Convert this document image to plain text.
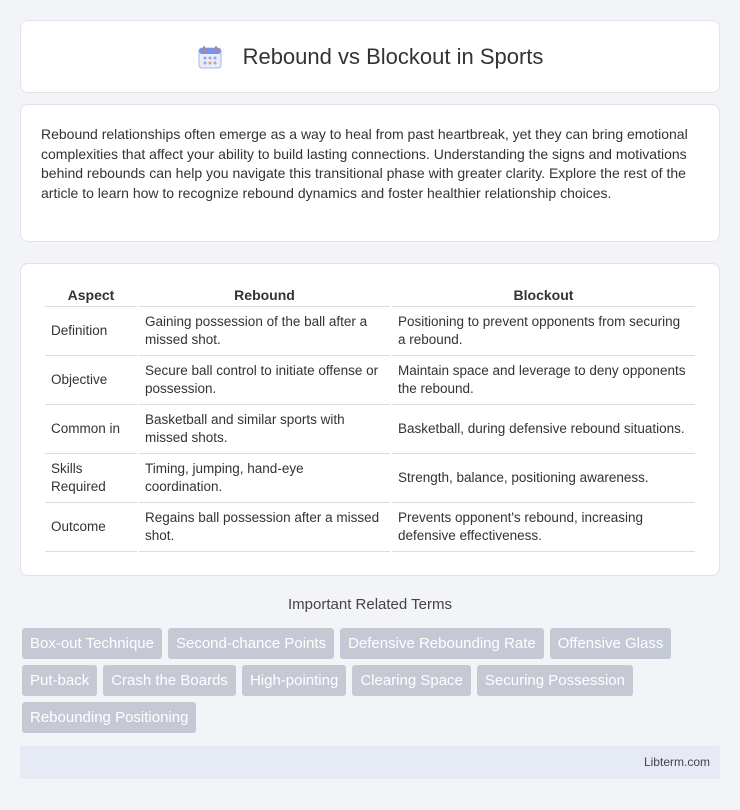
Rebound vs Blockout in Sports

Rebound relationships often emerge as a way to heal from past heartbreak, yet they can bring emotional complexities that affect your ability to build lasting connections. Understanding the signs and motivations behind rebounds can help you navigate this transitional phase with greater clarity. Explore the rest of the article to learn how to recognize rebound dynamics and foster healthier relationship choices.

Aspect	Rebound	Blockout
Definition	Gaining possession of the ball after a missed shot.	Positioning to prevent opponents from securing a rebound.
Objective	Secure ball control to initiate offense or possession.	Maintain space and leverage to deny opponents the rebound.
Common in	Basketball and similar sports with missed shots.	Basketball, during defensive rebound situations.
Skills Required	Timing, jumping, hand-eye coordination.	Strength, balance, positioning awareness.
Outcome	Regains ball possession after a missed shot.	Prevents opponent's rebound, increasing defensive effectiveness.
Important Related Terms
Box-out Technique	Second-chance Points	Defensive Rebounding Rate	Offensive Glass
Put-back	Crash the Boards	High-pointing	Clearing Space	Securing Possession
Rebounding Positioning
Libterm.com
